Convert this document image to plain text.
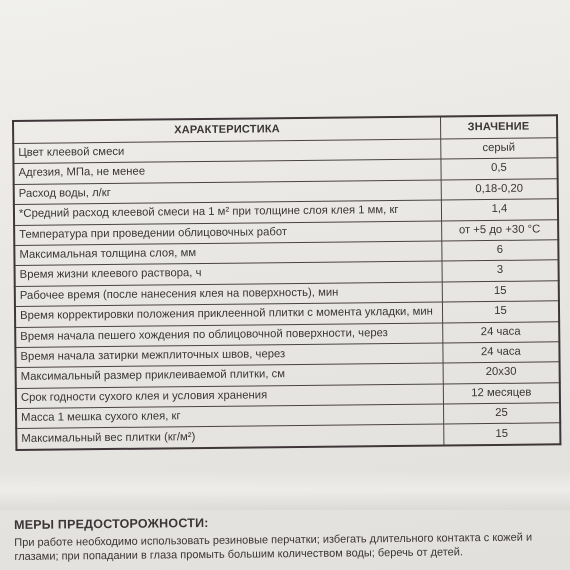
ХАРАКТЕРИСТИКА	ЗНАЧЕНИЕ
Цвет клеевой смеси	серый
Адгезия, МПа, не менее	0,5
Расход воды, л/кг	0,18-0,20
*Средний расход клеевой смеси на 1 м² при толщине слоя клея 1 мм, кг	1,4
Температура при проведении облицовочных работ	от +5 до +30 °С
Максимальная толщина слоя, мм	6
Время жизни клеевого раствора, ч	3
Рабочее время (после нанесения клея на поверхность), мин	15
Время корректировки положения приклеенной плитки с момента укладки, мин	15
Время начала пешего хождения по облицовочной поверхности, через	24 часа
Время начала затирки межплиточных швов, через	24 часа
Максимальный размер приклеиваемой плитки, см	20х30
Срок годности сухого клея и условия хранения	12 месяцев
Масса 1 мешка сухого клея, кг	25
Максимальный вес плитки (кг/м²)	15

МЕРЫ ПРЕДОСТОРОЖНОСТИ:

При работе необходимо использовать резиновые перчатки; избегать длительного контакта с кожей и глазами; при попадании в глаза промыть большим количеством воды; беречь от детей.
